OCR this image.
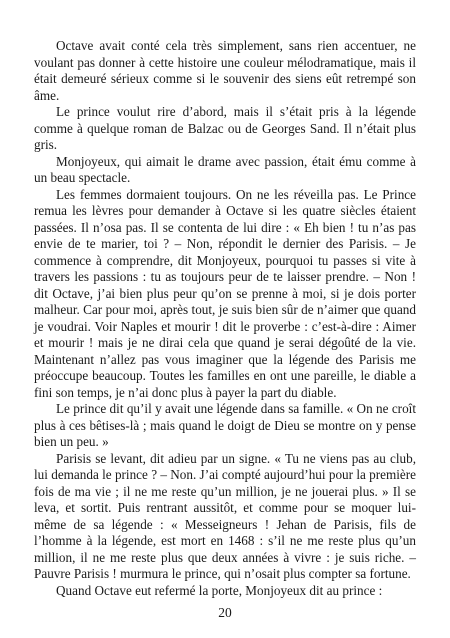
Octave avait conté cela très simplement, sans rien accentuer, ne voulant pas donner à cette histoire une couleur mélodramatique, mais il était demeuré sérieux comme si le souvenir des siens eût retrempé son âme.

Le prince voulut rire d’abord, mais il s’était pris à la légende comme à quelque roman de Balzac ou de Georges Sand. Il n’était plus gris.

Monjoyeux, qui aimait le drame avec passion, était ému comme à un beau spectacle.

Les femmes dormaient toujours. On ne les réveilla pas. Le Prince remua les lèvres pour demander à Octave si les quatre siècles étaient passées. Il n’osa pas. Il se contenta de lui dire : « Eh bien ! tu n’as pas envie de te marier, toi ? – Non, répondit le dernier des Parisis. – Je commence à comprendre, dit Monjoyeux, pourquoi tu passes si vite à travers les passions : tu as toujours peur de te laisser prendre. – Non ! dit Octave, j’ai bien plus peur qu’on se prenne à moi, si je dois porter malheur. Car pour moi, après tout, je suis bien sûr de n’aimer que quand je voudrai. Voir Naples et mourir ! dit le proverbe : c’est-à-dire : Aimer et mourir ! mais je ne dirai cela que quand je serai dégoûté de la vie. Maintenant n’allez pas vous imaginer que la légende des Parisis me préoccupe beaucoup. Toutes les familles en ont une pareille, le diable a fini son temps, je n’ai donc plus à payer la part du diable.

Le prince dit qu’il y avait une légende dans sa famille. « On ne croît plus à ces bêtises-là ; mais quand le doigt de Dieu se montre on y pense bien un peu. »

Parisis se levant, dit adieu par un signe. « Tu ne viens pas au club, lui demanda le prince ? – Non. J’ai compté aujourd’hui pour la première fois de ma vie ; il ne me reste qu’un million, je ne jouerai plus. » Il se leva, et sortit. Puis rentrant aussitôt, et comme pour se moquer lui-même de sa légende : « Messeigneurs ! Jehan de Parisis, fils de l’homme à la légende, est mort en 1468 : s’il ne me reste plus qu’un million, il ne me reste plus que deux années à vivre : je suis riche. – Pauvre Parisis ! murmura le prince, qui n’osait plus compter sa fortune.

Quand Octave eut refermé la porte, Monjoyeux dit au prince :

20
